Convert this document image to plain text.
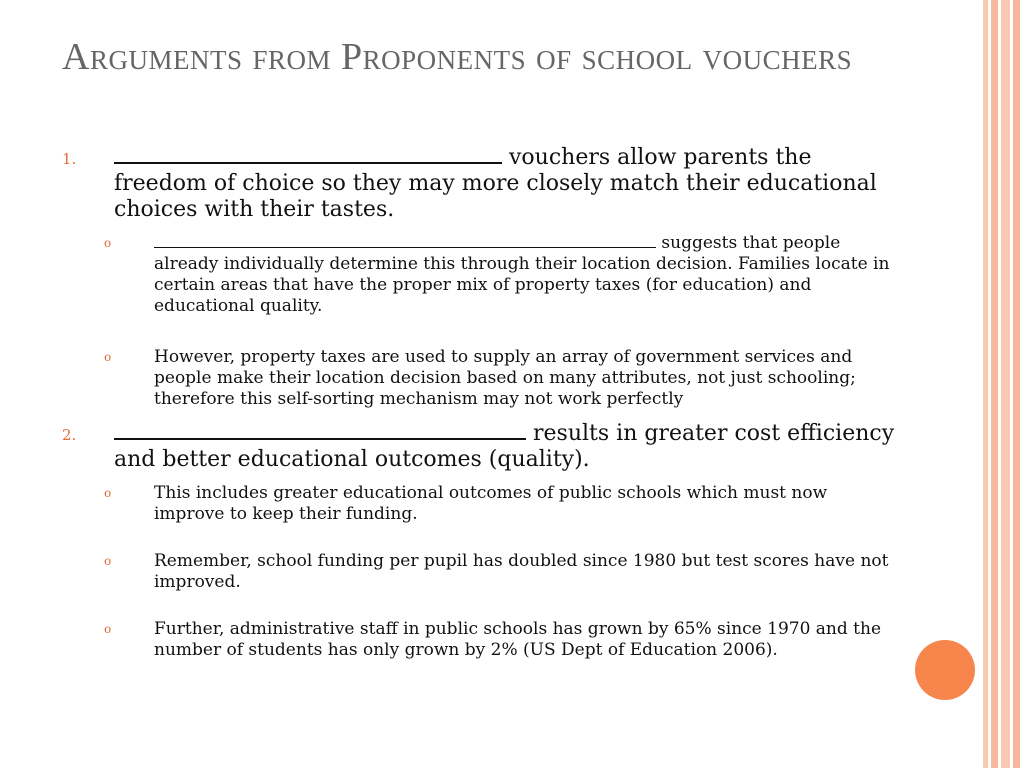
Arguments from Proponents of school vouchers
1.	vouchers allow parents the freedom of choice so they may more closely match their educational choices with their tastes.
o	suggests that people already individually determine this through their location decision. Families locate in certain areas that have the proper mix of property taxes (for education) and educational quality.
o	However, property taxes are used to supply an array of government services and people make their location decision based on many attributes, not just schooling; therefore this self-sorting mechanism may not work perfectly
2.	results in greater cost efficiency and better educational outcomes (quality).
o	This includes greater educational outcomes of public schools which must now improve to keep their funding.
o	Remember, school funding per pupil has doubled since 1980 but test scores have not improved.
o	Further, administrative staff in public schools has grown by 65% since 1970 and the number of students has only grown by 2% (US Dept of Education 2006).
